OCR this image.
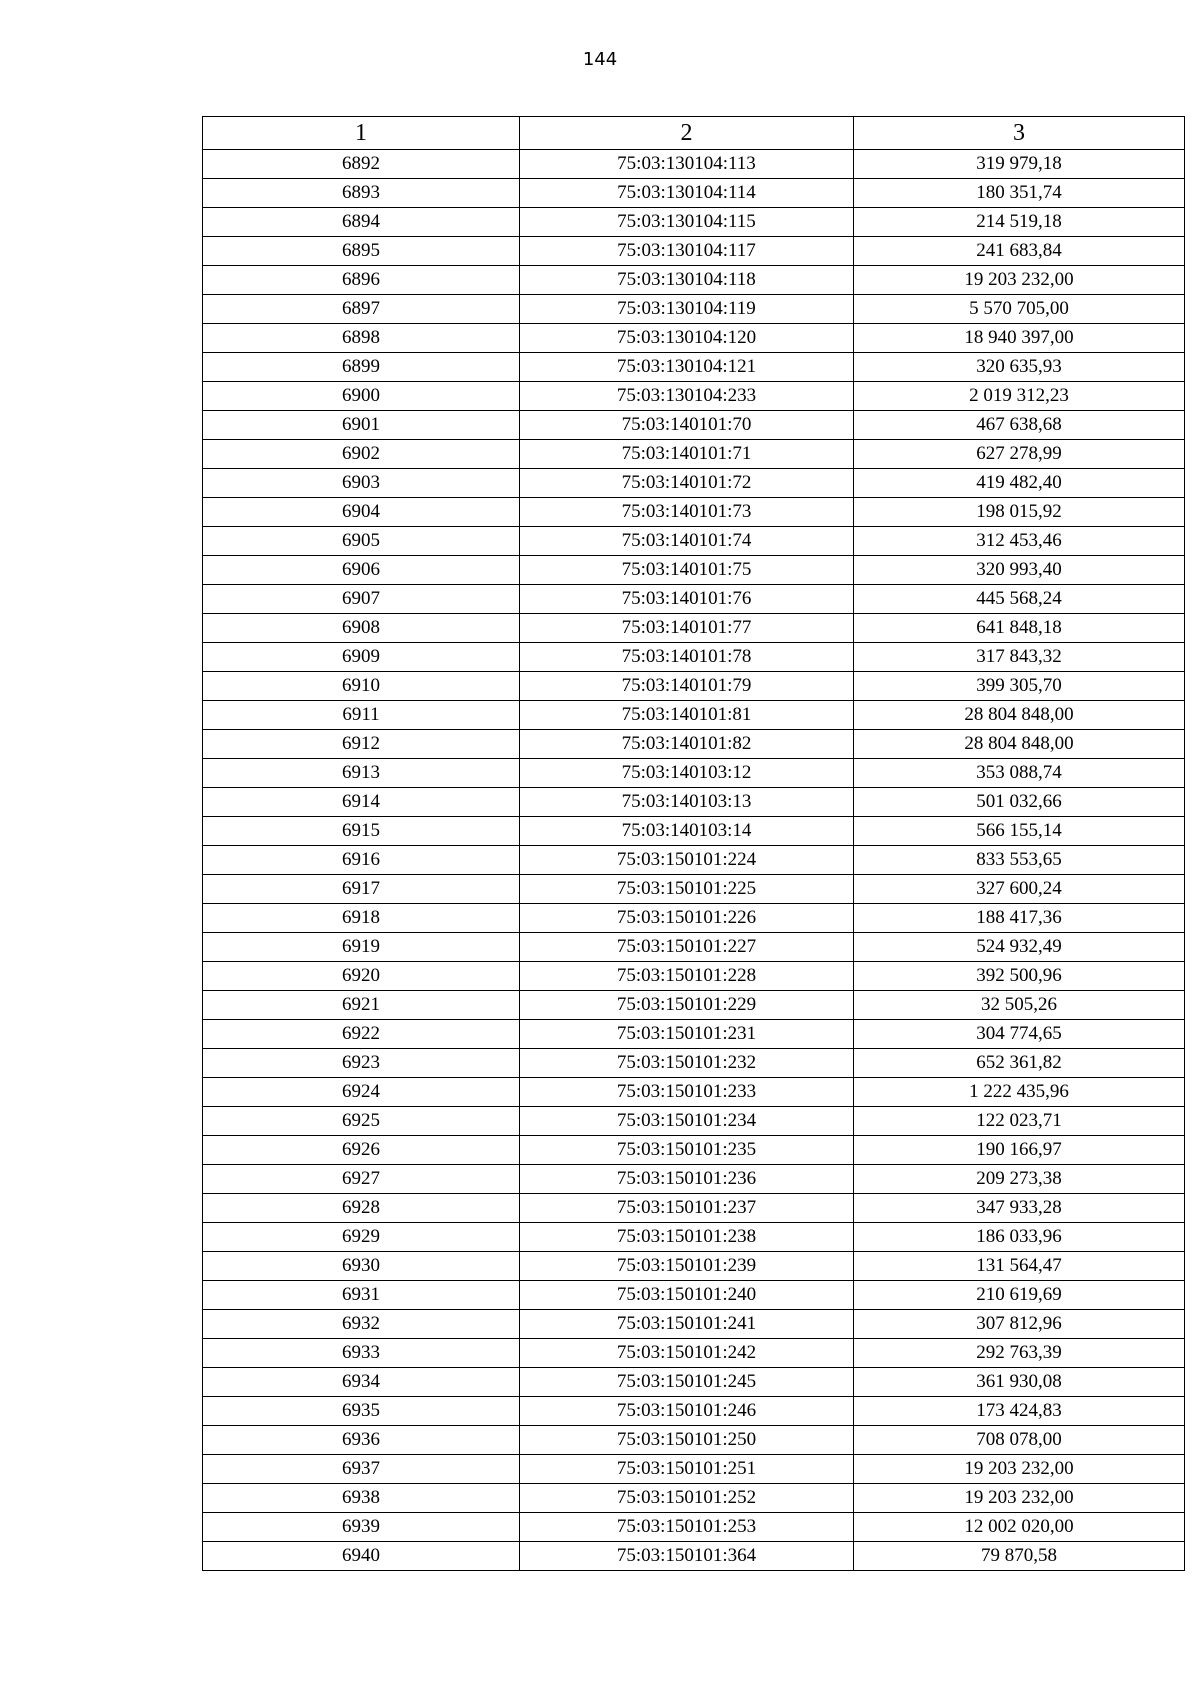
144
1	2	3
6892	75:03:130104:113	319 979,18
6893	75:03:130104:114	180 351,74
6894	75:03:130104:115	214 519,18
6895	75:03:130104:117	241 683,84
6896	75:03:130104:118	19 203 232,00
6897	75:03:130104:119	5 570 705,00
6898	75:03:130104:120	18 940 397,00
6899	75:03:130104:121	320 635,93
6900	75:03:130104:233	2 019 312,23
6901	75:03:140101:70	467 638,68
6902	75:03:140101:71	627 278,99
6903	75:03:140101:72	419 482,40
6904	75:03:140101:73	198 015,92
6905	75:03:140101:74	312 453,46
6906	75:03:140101:75	320 993,40
6907	75:03:140101:76	445 568,24
6908	75:03:140101:77	641 848,18
6909	75:03:140101:78	317 843,32
6910	75:03:140101:79	399 305,70
6911	75:03:140101:81	28 804 848,00
6912	75:03:140101:82	28 804 848,00
6913	75:03:140103:12	353 088,74
6914	75:03:140103:13	501 032,66
6915	75:03:140103:14	566 155,14
6916	75:03:150101:224	833 553,65
6917	75:03:150101:225	327 600,24
6918	75:03:150101:226	188 417,36
6919	75:03:150101:227	524 932,49
6920	75:03:150101:228	392 500,96
6921	75:03:150101:229	32 505,26
6922	75:03:150101:231	304 774,65
6923	75:03:150101:232	652 361,82
6924	75:03:150101:233	1 222 435,96
6925	75:03:150101:234	122 023,71
6926	75:03:150101:235	190 166,97
6927	75:03:150101:236	209 273,38
6928	75:03:150101:237	347 933,28
6929	75:03:150101:238	186 033,96
6930	75:03:150101:239	131 564,47
6931	75:03:150101:240	210 619,69
6932	75:03:150101:241	307 812,96
6933	75:03:150101:242	292 763,39
6934	75:03:150101:245	361 930,08
6935	75:03:150101:246	173 424,83
6936	75:03:150101:250	708 078,00
6937	75:03:150101:251	19 203 232,00
6938	75:03:150101:252	19 203 232,00
6939	75:03:150101:253	12 002 020,00
6940	75:03:150101:364	79 870,58
